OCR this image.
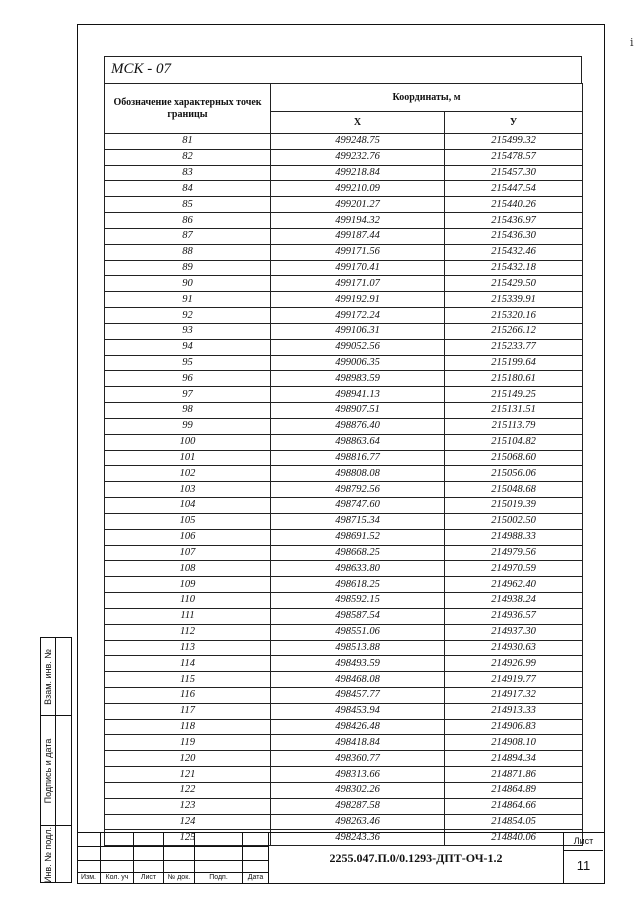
МСК - 07
Обозначение характерных точек границы	Координаты, м	
	X	У
81	499248.75	215499.32
82	499232.76	215478.57
83	499218.84	215457.30
84	499210.09	215447.54
85	499201.27	215440.26
86	499194.32	215436.97
87	499187.44	215436.30
88	499171.56	215432.46
89	499170.41	215432.18
90	499171.07	215429.50
91	499192.91	215339.91
92	499172.24	215320.16
93	499106.31	215266.12
94	499052.56	215233.77
95	499006.35	215199.64
96	498983.59	215180.61
97	498941.13	215149.25
98	498907.51	215131.51
99	498876.40	215113.79
100	498863.64	215104.82
101	498816.77	215068.60
102	498808.08	215056.06
103	498792.56	215048.68
104	498747.60	215019.39
105	498715.34	215002.50
106	498691.52	214988.33
107	498668.25	214979.56
108	498633.80	214970.59
109	498618.25	214962.40
110	498592.15	214938.24
111	498587.54	214936.57
112	498551.06	214937.30
113	498513.88	214930.63
114	498493.59	214926.99
115	498468.08	214919.77
116	498457.77	214917.32
117	498453.94	214913.33
118	498426.48	214906.83
119	498418.84	214908.10
120	498360.77	214894.34
121	498313.66	214871.86
122	498302.26	214864.89
123	498287.58	214864.66
124	498263.46	214854.05
125	498243.36	214840.06
i
Взам. инв. №
Подпись и дата
Инв. № подл.	Изм.	Кол. уч	Лист	№ док.	Подп.	Дата
2255.047.П.0/0.1293-ДПТ-ОЧ-1.2
Лист
11
